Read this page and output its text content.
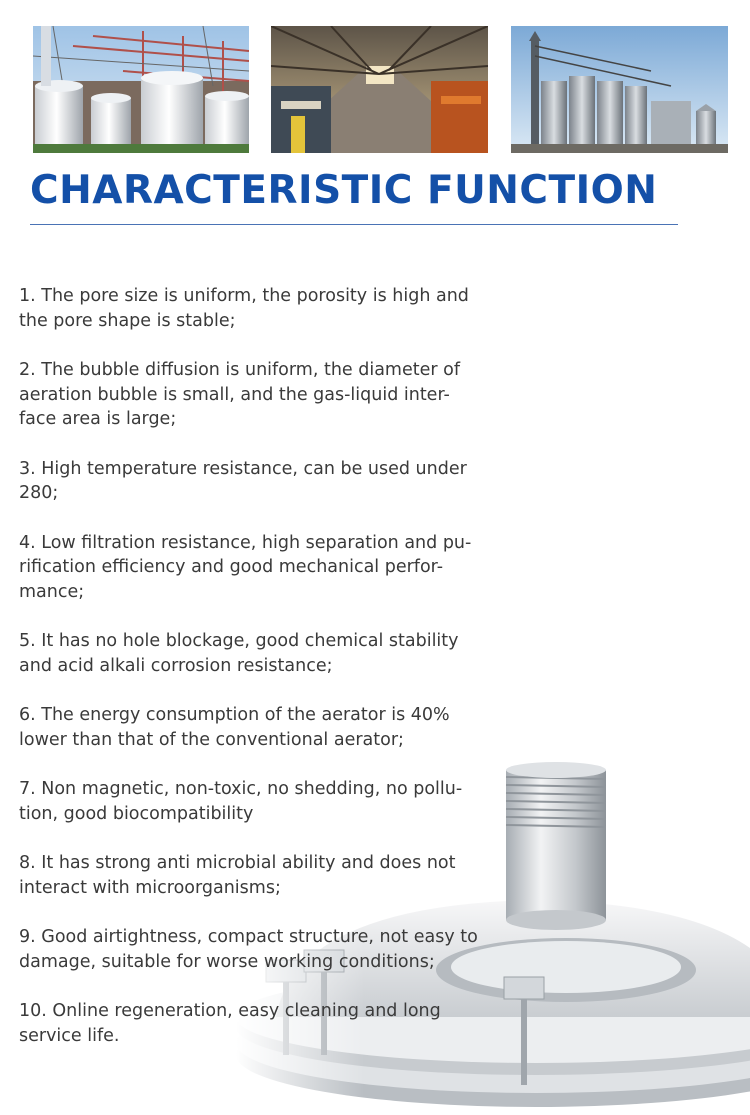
CHARACTERISTIC FUNCTION
1. The pore size is uniform, the porosity is high and
the pore shape is stable;
2. The bubble diffusion is uniform, the diameter of
aeration bubble is small, and the gas-liquid inter-
face area is large;
3. High temperature resistance, can be used under
280;
4. Low filtration resistance, high separation and pu-
rification efficiency and good mechanical perfor-
mance;
5. It has no hole blockage, good chemical stability
and acid alkali corrosion resistance;
6. The energy consumption of the aerator is 40%
lower than that of the conventional aerator;
7. Non magnetic, non-toxic, no shedding, no pollu-
tion, good biocompatibility
8. It has strong anti microbial ability and does not
interact with microorganisms;
9. Good airtightness, compact structure, not easy to
damage, suitable for worse working conditions;
10. Online regeneration, easy cleaning and long
service life.
